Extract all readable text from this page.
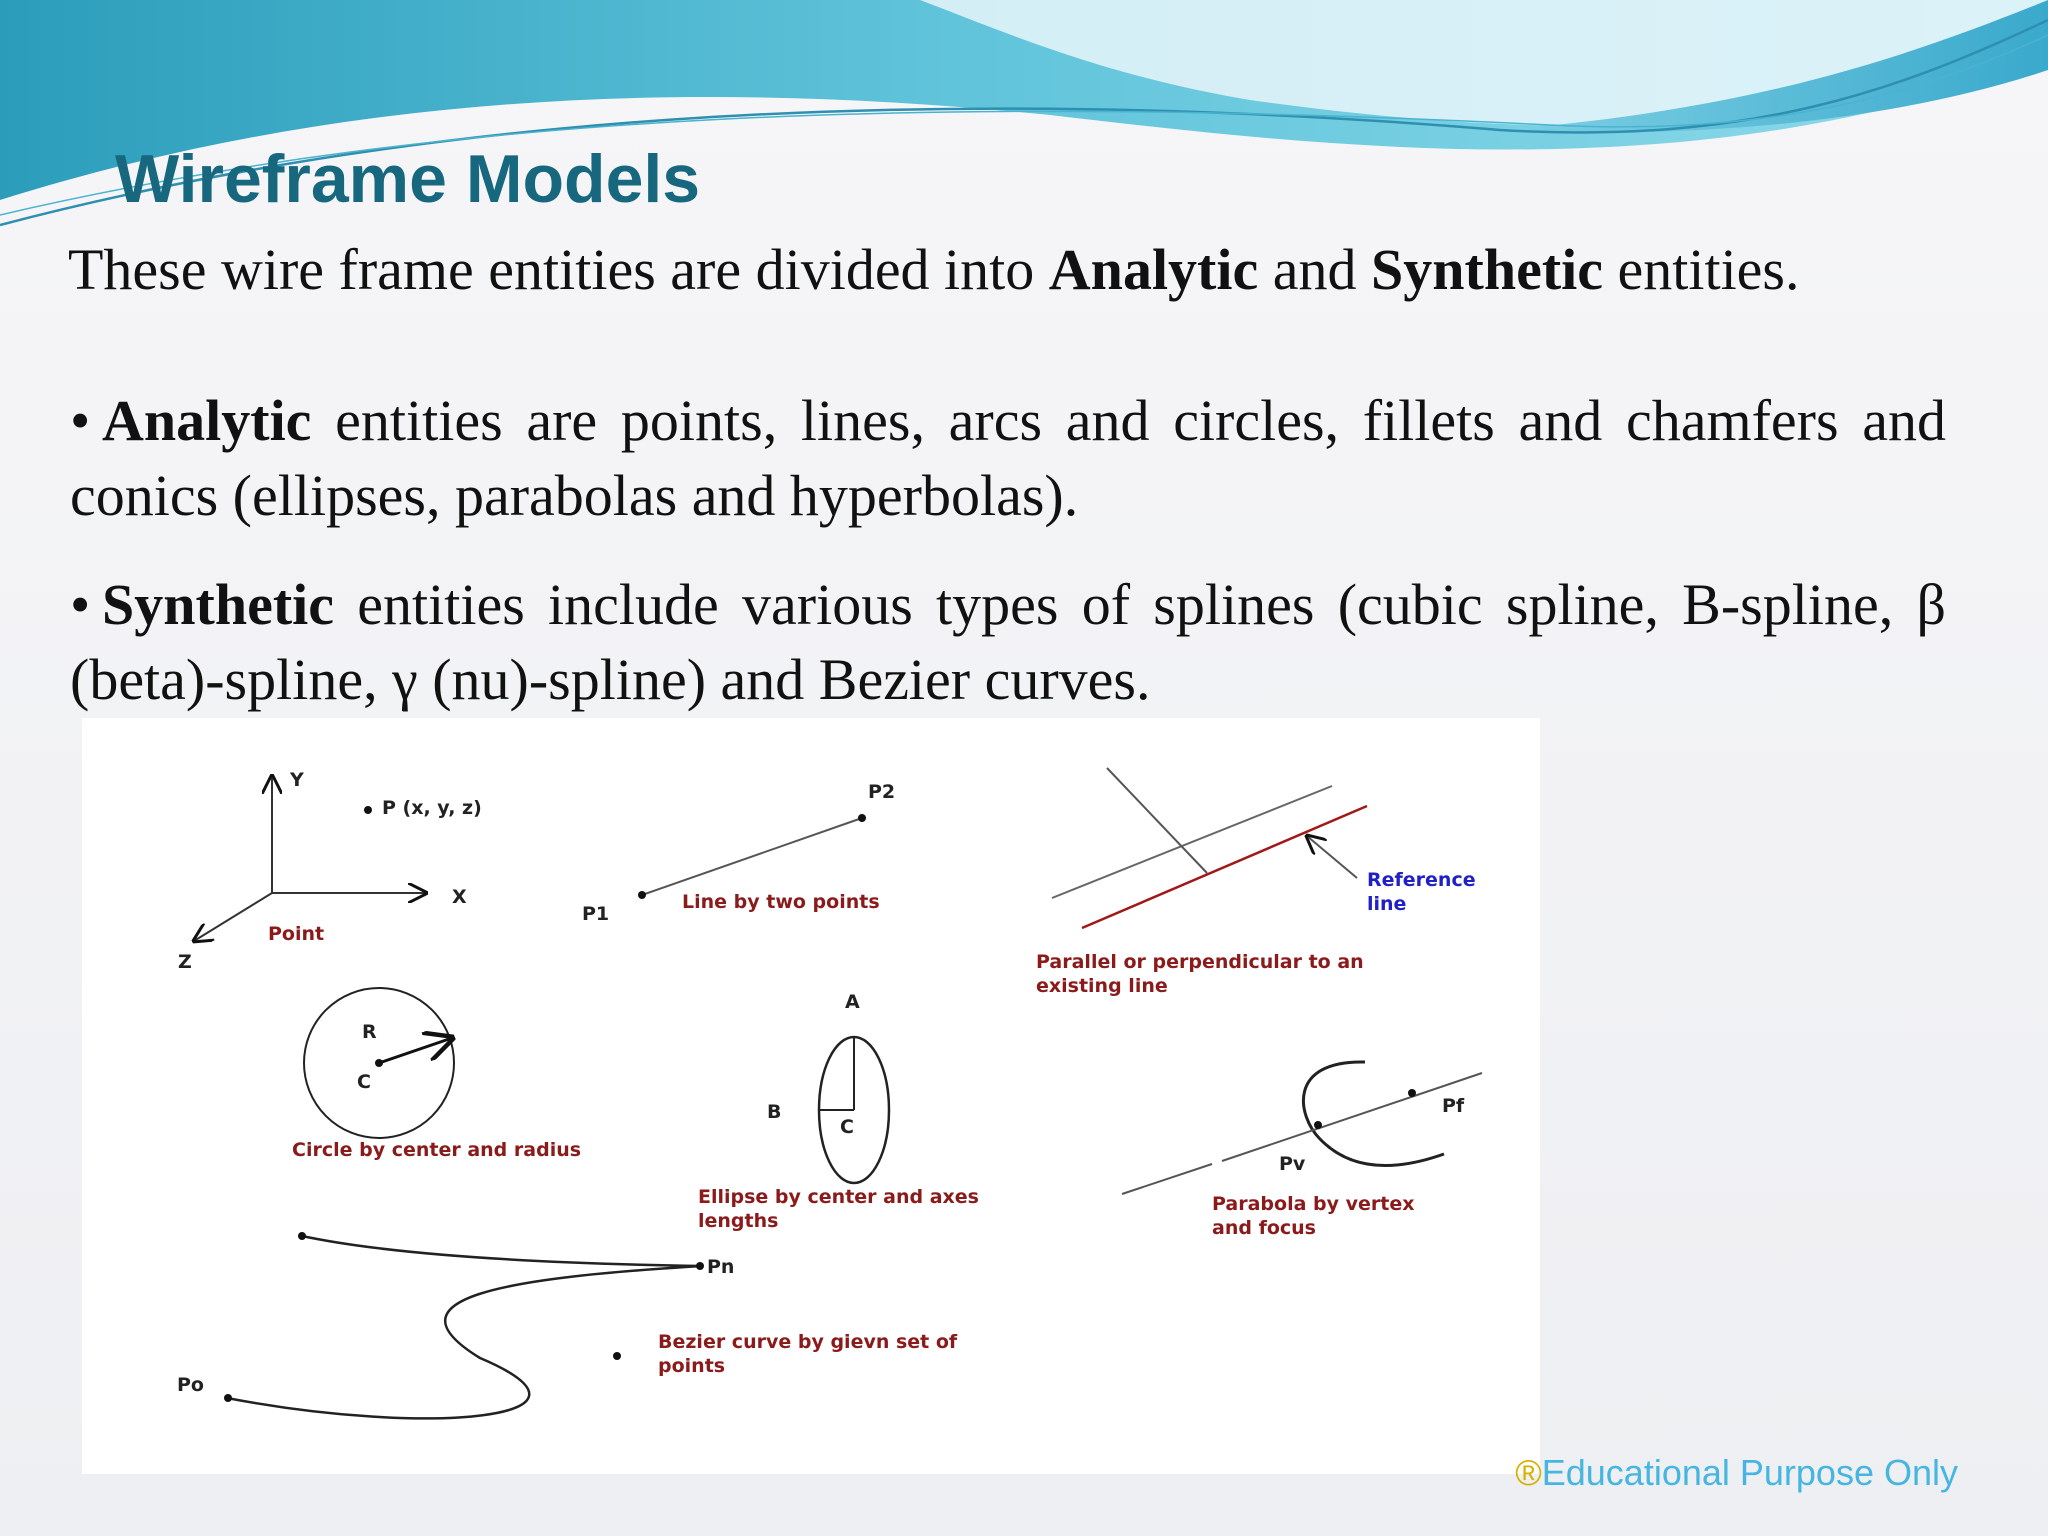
Wireframe Models
These wire frame entities are divided into Analytic and Synthetic entities.
• Analytic entities are points, lines, arcs and circles, fillets and chamfers and conics (ellipses, parabolas and hyperbolas).
• Synthetic entities include various types of splines (cubic spline, B-spline, β (beta)-spline, γ (nu)-spline) and Bezier curves.
Y
X
Z
P (x, y, z)
Point
P1
P2
Line by two points
Reference
line
Parallel or perpendicular to an
existing line
R
C
Circle by center and radius
A
B
C
Ellipse by center and axes
lengths
Pf
Pv
Parabola by vertex
and focus
Pn
Po
Bezier curve by gievn set of
points
®Educational Purpose Only
